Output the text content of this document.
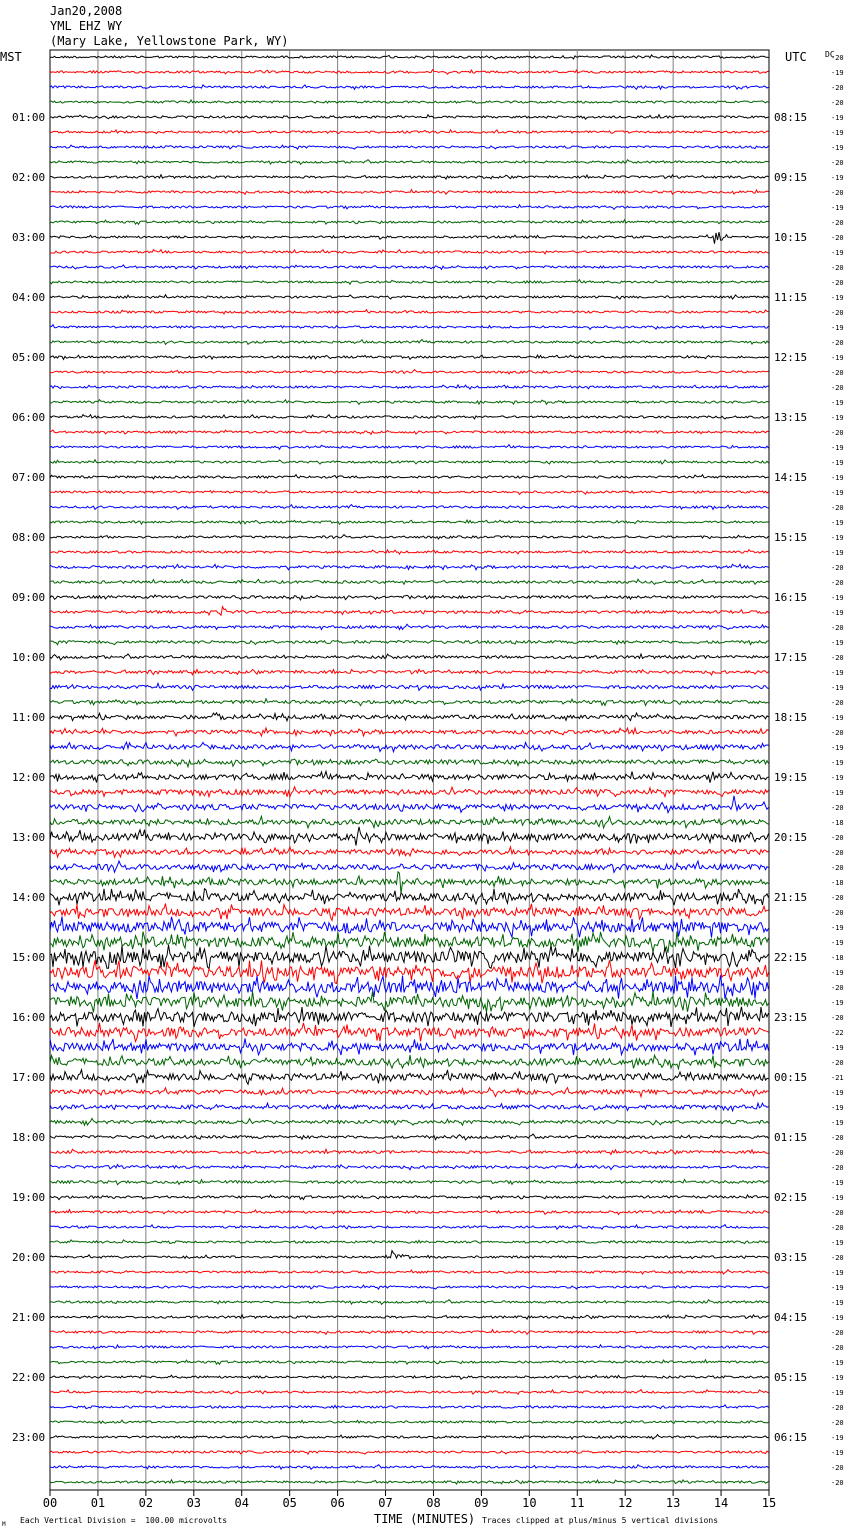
01:00
02:00
03:00
04:00
05:00
06:00
07:00
08:00
09:00
10:00
11:00
12:00
13:00
14:00
15:00
16:00
17:00
18:00
19:00
20:00
21:00
22:00
23:00
08:15
09:15
10:15
11:15
12:15
13:15
14:15
15:15
16:15
17:15
18:15
19:15
20:15
21:15
22:15
23:15
00:15
01:15
02:15
03:15
04:15
05:15
06:15
-20
-19
-20
-20
-19
-19
-19
-20
-19
-20
-19
-20
-20
-19
-20
-20
-19
-20
-19
-20
-19
-20
-20
-19
-19
-20
-19
-19
-19
-19
-20
-19
-19
-19
-20
-20
-19
-19
-20
-19
-20
-19
-19
-20
-19
-20
-19
-19
-19
-19
-20
-18
-20
-20
-20
-18
-20
-20
-19
-19
-18
-19
-20
-19
-20
-22
-19
-20
-21
-19
-19
-19
-20
-20
-20
-19
-19
-20
-20
-19
-20
-19
-19
-19
-19
-20
-20
-19
-19
-19
-20
-20
-19
-19
-20
-20
00	01	02	03	04	05	06	07	08	09	10	11	12	13	14	15
Jan20,2008
YML EHZ WY
(Mary Lake, Yellowstone Park, WY)
MST	UTC DC
M Each Vertical Division =  100.00 microvolts	TIME (MINUTES) Traces clipped at plus/minus 5 vertical divisions
